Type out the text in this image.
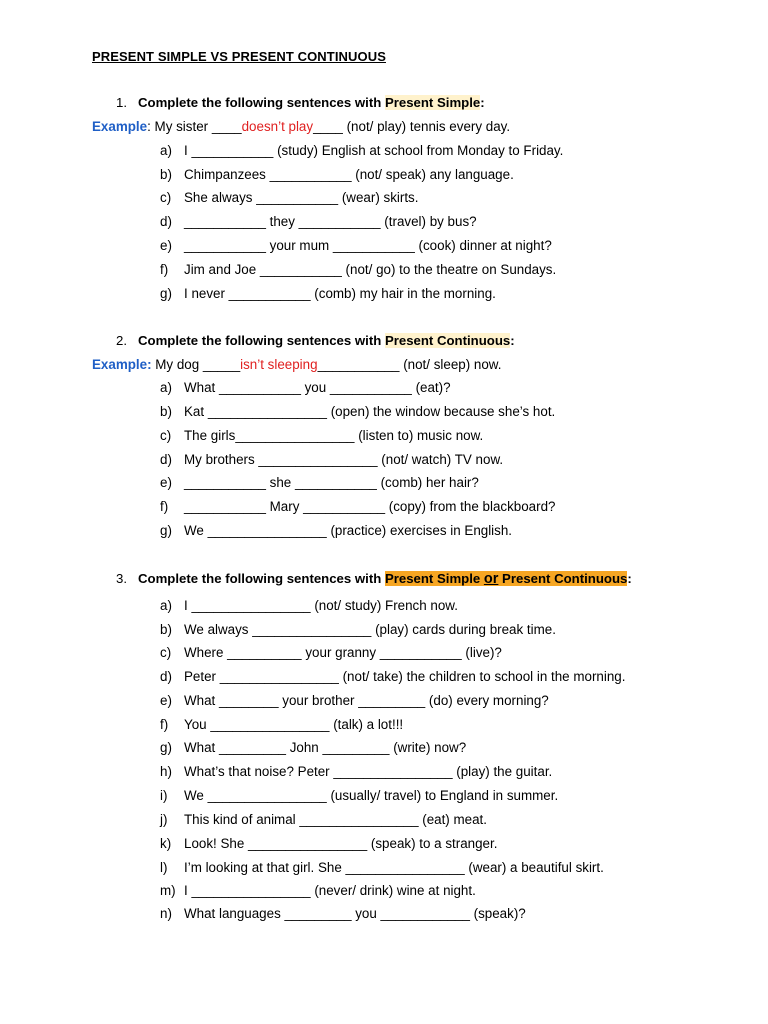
PRESENT SIMPLE VS PRESENT CONTINUOUS
1. Complete the following sentences with Present Simple:
Example: My sister ____doesn’t play____ (not/ play) tennis every day.
a) I ___________ (study) English at school from Monday to Friday.
b) Chimpanzees ___________ (not/ speak) any language.
c) She always ___________ (wear) skirts.
d) ___________ they ___________ (travel) by bus?
e) ___________ your mum ___________ (cook) dinner at night?
f) Jim and Joe ___________ (not/ go) to the theatre on Sundays.
g) I never ___________ (comb) my hair in the morning.
2. Complete the following sentences with Present Continuous:
Example: My dog _____isn’t sleeping___________ (not/ sleep) now.
a) What ___________ you ___________ (eat)?
b) Kat ________________ (open) the window because she’s hot.
c) The girls________________ (listen to) music now.
d) My brothers ________________ (not/ watch) TV now.
e) ___________ she ___________ (comb) her hair?
f) ___________ Mary ___________ (copy) from the blackboard?
g) We ________________ (practice) exercises in English.
3. Complete the following sentences with Present Simple or Present Continuous:
a) I ________________ (not/ study) French now.
b) We always ________________ (play) cards during break time.
c) Where __________ your granny ___________ (live)?
d) Peter ________________ (not/ take) the children to school in the morning.
e) What ________ your brother _________ (do) every morning?
f) You ________________ (talk) a lot!!!
g) What _________ John _________ (write) now?
h) What’s that noise? Peter ________________ (play) the guitar.
i) We ________________ (usually/ travel) to England in summer.
j) This kind of animal ________________ (eat) meat.
k) Look! She ________________ (speak) to a stranger.
l) I’m looking at that girl. She ________________ (wear) a beautiful skirt.
m) I ________________ (never/ drink) wine at night.
n) What languages _________ you ____________ (speak)?
